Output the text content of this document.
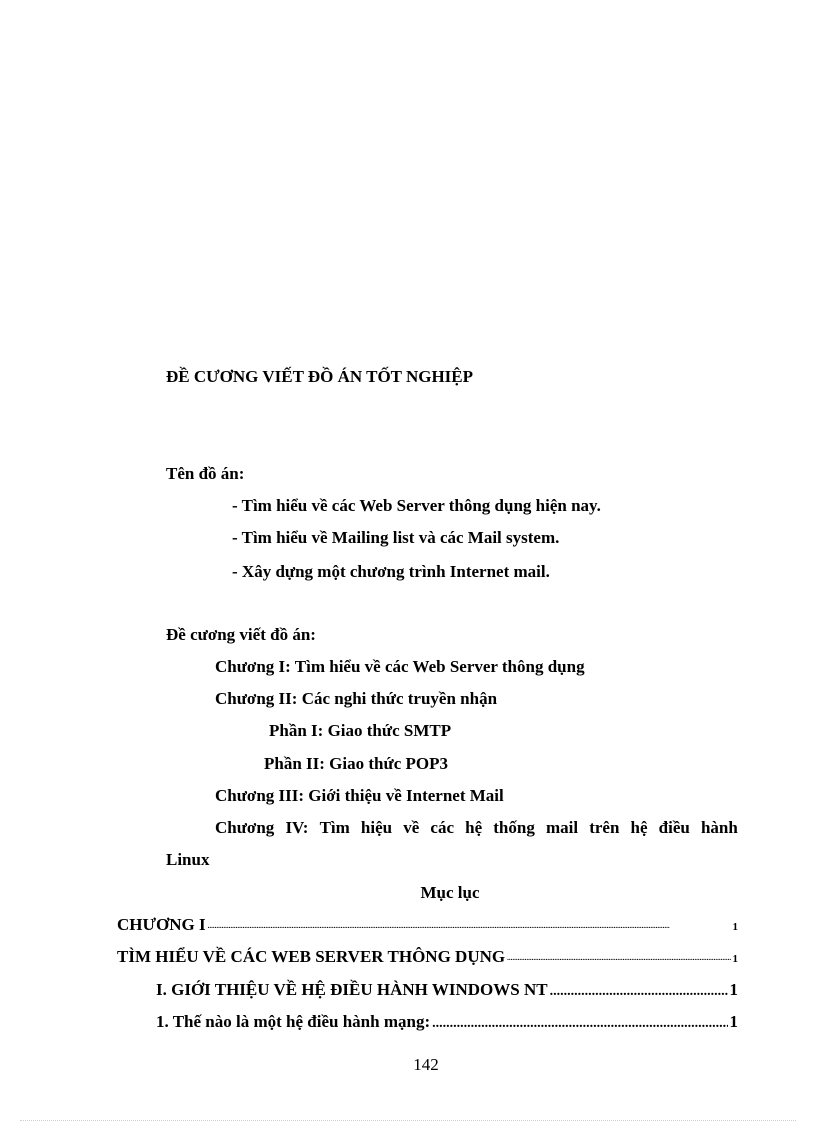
ĐỀ CƯƠNG VIẾT ĐỒ ÁN TỐT NGHIỆP
Tên đồ án:
- Tìm hiểu về các Web Server thông dụng hiện nay.
- Tìm hiểu về Mailing list và các Mail system.
- Xây dựng một chương trình Internet mail.
Đề cương viết đồ án:
Chương I: Tìm hiểu về các Web Server thông dụng
Chương II: Các nghi thức truyền nhận
Phần I: Giao thức SMTP
Phần II: Giao thức POP3
Chương III: Giới thiệu về Internet Mail
Chương IV: Tìm hiệu về các hệ thống mail trên hệ điều hành
Linux
Mục lục
CHƯƠNG I .....	1
TÌM HIỂU VỀ CÁC WEB SERVER THÔNG DỤNG .....	1
I. GIỚI THIỆU VỀ HỆ ĐIỀU HÀNH WINDOWS NT .....	1
1. Thế nào là một hệ điều hành mạng: .....	1
142
